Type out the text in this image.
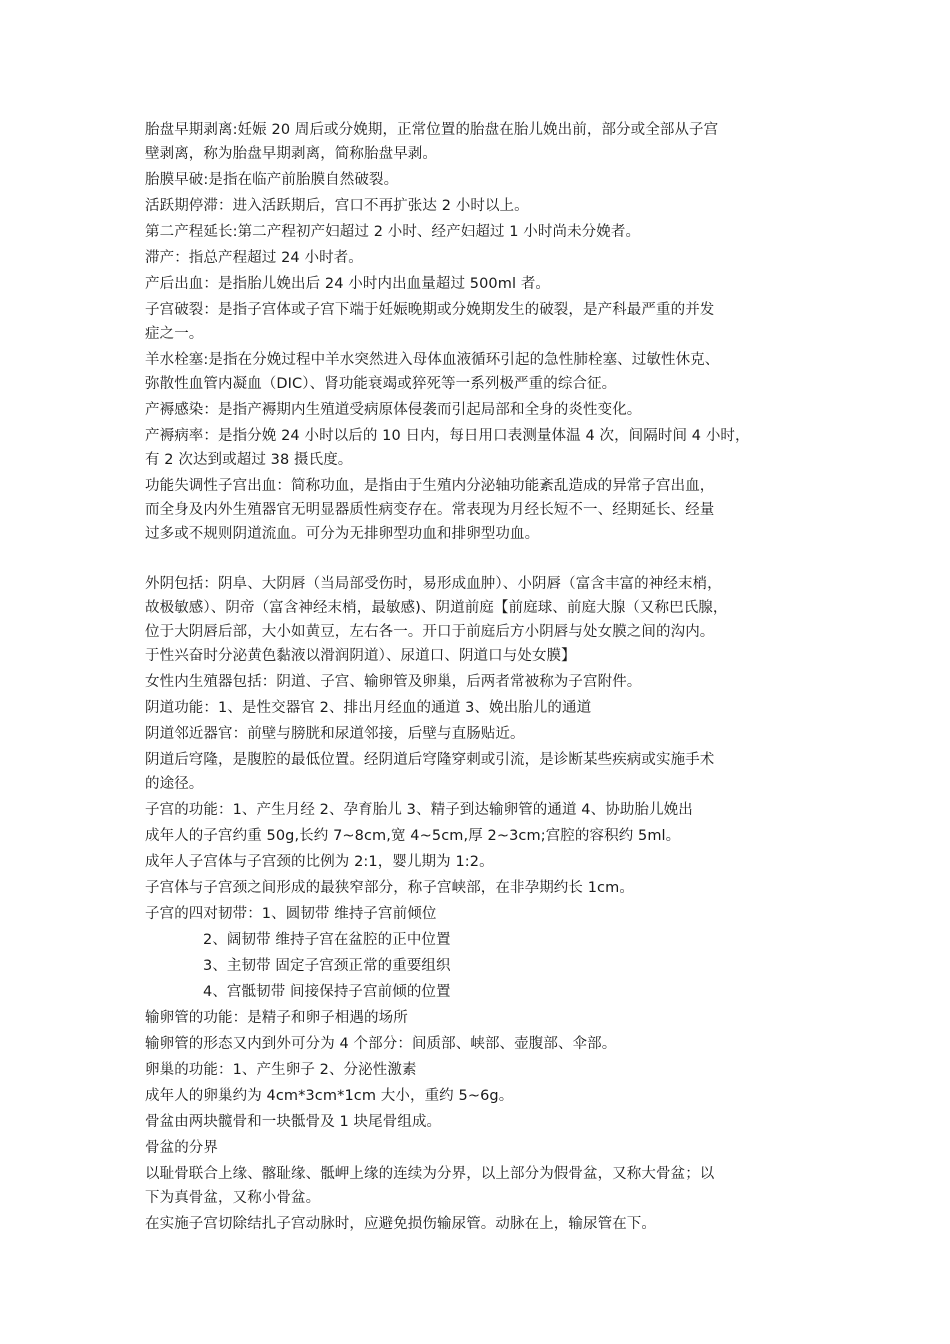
胎盘早期剥离:妊娠 20 周后或分娩期，正常位置的胎盘在胎儿娩出前，部分或全部从子宫
壁剥离，称为胎盘早期剥离，简称胎盘早剥。
胎膜早破:是指在临产前胎膜自然破裂。
活跃期停滞：进入活跃期后，宫口不再扩张达 2 小时以上。
第二产程延长:第二产程初产妇超过 2 小时、经产妇超过 1 小时尚未分娩者。
滞产：指总产程超过 24 小时者。
产后出血：是指胎儿娩出后 24 小时内出血量超过 500ml 者。
子宫破裂：是指子宫体或子宫下端于妊娠晚期或分娩期发生的破裂，是产科最严重的并发
症之一。
羊水栓塞:是指在分娩过程中羊水突然进入母体血液循环引起的急性肺栓塞、过敏性休克、
弥散性血管内凝血（DIC）、肾功能衰竭或猝死等一系列极严重的综合征。
产褥感染：是指产褥期内生殖道受病原体侵袭而引起局部和全身的炎性变化。
产褥病率：是指分娩 24 小时以后的 10 日内，每日用口表测量体温 4 次，间隔时间 4 小时，
有 2 次达到或超过 38 摄氏度。
功能失调性子宫出血：简称功血，是指由于生殖内分泌轴功能紊乱造成的异常子宫出血，
而全身及内外生殖器官无明显器质性病变存在。常表现为月经长短不一、经期延长、经量
过多或不规则阴道流血。可分为无排卵型功血和排卵型功血。
外阴包括：阴阜、大阴唇（当局部受伤时，易形成血肿）、小阴唇（富含丰富的神经末梢，
故极敏感）、阴帝（富含神经末梢，最敏感)、阴道前庭【前庭球、前庭大腺（又称巴氏腺，
位于大阴唇后部，大小如黄豆，左右各一。开口于前庭后方小阴唇与处女膜之间的沟内。
于性兴奋时分泌黄色黏液以滑润阴道）、尿道口、阴道口与处女膜】
女性内生殖器包括：阴道、子宫、输卵管及卵巢，后两者常被称为子宫附件。
阴道功能：1、是性交器官 2、排出月经血的通道 3、娩出胎儿的通道
阴道邻近器官：前壁与膀胱和尿道邻接，后壁与直肠贴近。
阴道后穹隆，是腹腔的最低位置。经阴道后穹隆穿刺或引流，是诊断某些疾病或实施手术
的途径。
子宫的功能：1、产生月经 2、孕育胎儿 3、精子到达输卵管的通道 4、协助胎儿娩出
成年人的子宫约重 50g,长约 7~8cm,宽 4~5cm,厚 2~3cm;宫腔的容积约 5ml。
成年人子宫体与子宫颈的比例为 2:1，婴儿期为 1:2。
子宫体与子宫颈之间形成的最狭窄部分，称子宫峡部，在非孕期约长 1cm。
子宫的四对韧带：1、圆韧带 维持子宫前倾位
2、阔韧带 维持子宫在盆腔的正中位置
3、主韧带 固定子宫颈正常的重要组织
4、宫骶韧带 间接保持子宫前倾的位置
输卵管的功能：是精子和卵子相遇的场所
输卵管的形态又内到外可分为 4 个部分：间质部、峡部、壶腹部、伞部。
卵巢的功能：1、产生卵子 2、分泌性激素
成年人的卵巢约为 4cm*3cm*1cm 大小，重约 5~6g。
骨盆由两块髋骨和一块骶骨及 1 块尾骨组成。
骨盆的分界
以耻骨联合上缘、髂耻缘、骶岬上缘的连续为分界，以上部分为假骨盆，又称大骨盆；以
下为真骨盆，又称小骨盆。
在实施子宫切除结扎子宫动脉时，应避免损伤输尿管。动脉在上，输尿管在下。
